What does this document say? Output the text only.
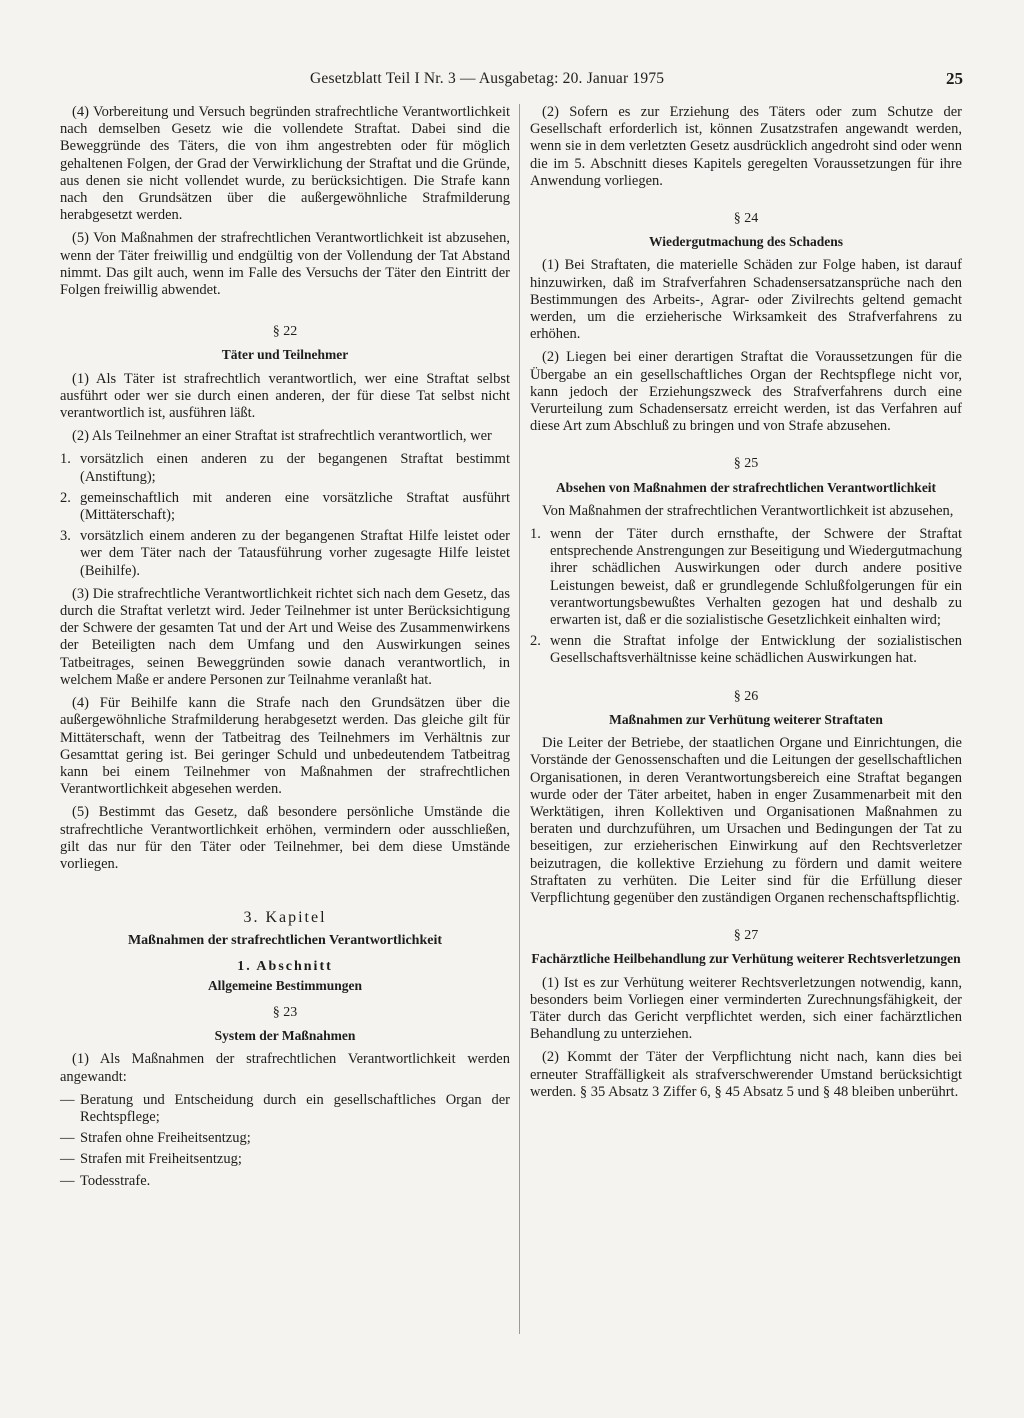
Gesetzblatt Teil I Nr. 3 — Ausgabetag: 20. Januar 1975	25

(4) Vorbereitung und Versuch begründen strafrechtliche Verantwortlichkeit nach demselben Gesetz wie die vollendete Straftat. Dabei sind die Beweggründe des Täters, die von ihm angestrebten oder für möglich gehaltenen Folgen, der Grad der Verwirklichung der Straftat und die Gründe, aus denen sie nicht vollendet wurde, zu berücksichtigen. Die Strafe kann nach den Grundsätzen über die außergewöhnliche Strafmilderung herabgesetzt werden.

(5) Von Maßnahmen der strafrechtlichen Verantwortlichkeit ist abzusehen, wenn der Täter freiwillig und endgültig von der Vollendung der Tat Abstand nimmt. Das gilt auch, wenn im Falle des Versuchs der Täter den Eintritt der Folgen freiwillig abwendet.

§ 22
Täter und Teilnehmer

(1) Als Täter ist strafrechtlich verantwortlich, wer eine Straftat selbst ausführt oder wer sie durch einen anderen, der für diese Tat selbst nicht verantwortlich ist, ausführen läßt.

(2) Als Teilnehmer an einer Straftat ist strafrechtlich verantwortlich, wer

1. vorsätzlich einen anderen zu der begangenen Straftat bestimmt (Anstiftung);
2. gemeinschaftlich mit anderen eine vorsätzliche Straftat ausführt (Mittäterschaft);
3. vorsätzlich einem anderen zu der begangenen Straftat Hilfe leistet oder wer dem Täter nach der Tatausführung vorher zugesagte Hilfe leistet (Beihilfe).

(3) Die strafrechtliche Verantwortlichkeit richtet sich nach dem Gesetz, das durch die Straftat verletzt wird. Jeder Teilnehmer ist unter Berücksichtigung der Schwere der gesamten Tat und der Art und Weise des Zusammenwirkens der Beteiligten nach dem Umfang und den Auswirkungen seines Tatbeitrages, seinen Beweggründen sowie danach verantwortlich, in welchem Maße er andere Personen zur Teilnahme veranlaßt hat.

(4) Für Beihilfe kann die Strafe nach den Grundsätzen über die außergewöhnliche Strafmilderung herabgesetzt werden. Das gleiche gilt für Mittäterschaft, wenn der Tatbeitrag des Teilnehmers im Verhältnis zur Gesamttat gering ist. Bei geringer Schuld und unbedeutendem Tatbeitrag kann bei einem Teilnehmer von Maßnahmen der strafrechtlichen Verantwortlichkeit abgesehen werden.

(5) Bestimmt das Gesetz, daß besondere persönliche Umstände die strafrechtliche Verantwortlichkeit erhöhen, vermindern oder ausschließen, gilt das nur für den Täter oder Teilnehmer, bei dem diese Umstände vorliegen.

3. Kapitel
Maßnahmen der strafrechtlichen Verantwortlichkeit
1. Abschnitt
Allgemeine Bestimmungen
§ 23
System der Maßnahmen

(1) Als Maßnahmen der strafrechtlichen Verantwortlichkeit werden angewandt:

— Beratung und Entscheidung durch ein gesellschaftliches Organ der Rechtspflege;
— Strafen ohne Freiheitsentzug;
— Strafen mit Freiheitsentzug;
— Todesstrafe.

(2) Sofern es zur Erziehung des Täters oder zum Schutze der Gesellschaft erforderlich ist, können Zusatzstrafen angewandt werden, wenn sie in dem verletzten Gesetz ausdrücklich angedroht sind oder wenn die im 5. Abschnitt dieses Kapitels geregelten Voraussetzungen für ihre Anwendung vorliegen.

§ 24
Wiedergutmachung des Schadens

(1) Bei Straftaten, die materielle Schäden zur Folge haben, ist darauf hinzuwirken, daß im Strafverfahren Schadensersatzansprüche nach den Bestimmungen des Arbeits-, Agrar- oder Zivilrechts geltend gemacht werden, um die erzieherische Wirksamkeit des Strafverfahrens zu erhöhen.

(2) Liegen bei einer derartigen Straftat die Voraussetzungen für die Übergabe an ein gesellschaftliches Organ der Rechtspflege nicht vor, kann jedoch der Erziehungszweck des Strafverfahrens durch eine Verurteilung zum Schadensersatz erreicht werden, ist das Verfahren auf diese Art zum Abschluß zu bringen und von Strafe abzusehen.

§ 25
Absehen von Maßnahmen der strafrechtlichen Verantwortlichkeit

Von Maßnahmen der strafrechtlichen Verantwortlichkeit ist abzusehen,

1. wenn der Täter durch ernsthafte, der Schwere der Straftat entsprechende Anstrengungen zur Beseitigung und Wiedergutmachung ihrer schädlichen Auswirkungen oder durch andere positive Leistungen beweist, daß er grundlegende Schlußfolgerungen für ein verantwortungsbewußtes Verhalten gezogen hat und deshalb zu erwarten ist, daß er die sozialistische Gesetzlichkeit einhalten wird;
2. wenn die Straftat infolge der Entwicklung der sozialistischen Gesellschaftsverhältnisse keine schädlichen Auswirkungen hat.
§ 26
Maßnahmen zur Verhütung weiterer Straftaten

Die Leiter der Betriebe, der staatlichen Organe und Einrichtungen, die Vorstände der Genossenschaften und die Leitungen der gesellschaftlichen Organisationen, in deren Verantwortungsbereich eine Straftat begangen wurde oder der Täter arbeitet, haben in enger Zusammenarbeit mit den Werktätigen, ihren Kollektiven und Organisationen Maßnahmen zu beraten und durchzuführen, um Ursachen und Bedingungen der Tat zu beseitigen, zur erzieherischen Einwirkung auf den Rechtsverletzer beizutragen, die kollektive Erziehung zu fördern und damit weitere Straftaten zu verhüten. Die Leiter sind für die Erfüllung dieser Verpflichtung gegenüber den zuständigen Organen rechenschaftspflichtig.

§ 27
Fachärztliche Heilbehandlung zur Verhütung weiterer Rechtsverletzungen

(1) Ist es zur Verhütung weiterer Rechtsverletzungen notwendig, kann, besonders beim Vorliegen einer verminderten Zurechnungsfähigkeit, der Täter durch das Gericht verpflichtet werden, sich einer fachärztlichen Behandlung zu unterziehen.

(2) Kommt der Täter der Verpflichtung nicht nach, kann dies bei erneuter Straffälligkeit als strafverschwerender Umstand berücksichtigt werden. § 35 Absatz 3 Ziffer 6, § 45 Absatz 5 und § 48 bleiben unberührt.
